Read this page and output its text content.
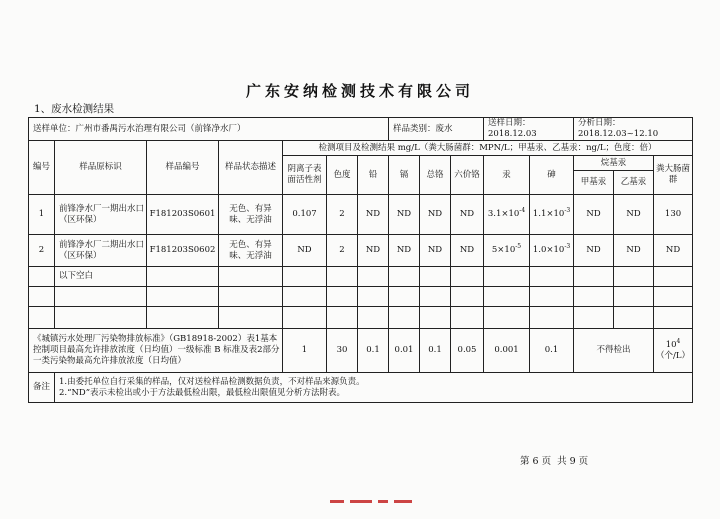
广东安纳检测技术有限公司
1、废水检测结果
送样单位：广州市番禺污水治理有限公司（前锋净水厂）							样品类别：废水			送样日期：2018.12.03		分析日期：2018.12.03~12.10		
编号	样品原标识	样品编号	样品状态描述	检测项目及检测结果 mg/L（粪大肠菌群：MPN/L；甲基汞、乙基汞：ng/L；色度：倍）										
				阴离子表面活性剂	色度	铅	镉	总铬	六价铬	汞	砷	烷基汞		粪大肠菌群
												甲基汞	乙基汞	
1	前锋净水厂一期出水口（区环保）	F181203S0601	无色、有异味、无浮油	0.107	2	ND	ND	ND	ND	$3.1\times 10^{-4}$	$1.1\times 10^{-3}$	ND	ND	130
2	前锋净水厂二期出水口（区环保）	F181203S0602	无色、有异味、无浮油	ND	2	ND	ND	ND	ND	$5\times 10^{-5}$	$1.0\times 10^{-3}$	ND	ND	ND
	以下空白													

《城镇污水处理厂污染物排放标准》（GB18918-2002）表1基本控制项目最高允许排放浓度（日均值）一级标准 B 标准及表2部分一类污染物最高允许排放浓度（日均值）				1	30	0.1	0.01	0.1	0.05	0.001	0.1	不得检出		$10^4$
（个/L）
备注	1.由委托单位自行采集的样品，仅对送检样品检测数据负责，不对样品来源负责。
2.“ND”表示未检出或小于方法最低检出限，最低检出限值见分析方法附表。													
第 6 页 共 9 页
